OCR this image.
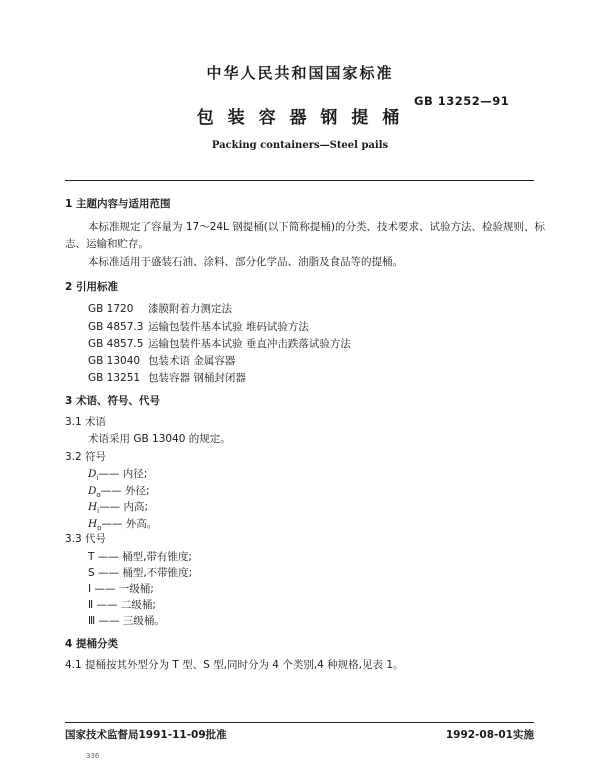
中华人民共和国国家标准
GB 13252—91
包 装 容 器 钢 提 桶
Packing containers—Steel pails
1 主题内容与适用范围
本标准规定了容量为 17～24L 钢提桶(以下简称提桶)的分类、技术要求、试验方法、检验规则、标
志、运输和贮存。
本标准适用于盛装石油、涂料、部分化学品、油脂及食品等的提桶。
2 引用标准
GB 1720 漆膜附着力测定法
GB 4857.3 运输包装件基本试验 堆码试验方法
GB 4857.5 运输包装件基本试验 垂直冲击跌落试验方法
GB 13040 包装术语 金属容器
GB 13251 包装容器 钢桶封闭器
3 术语、符号、代号
3.1 术语
术语采用 GB 13040 的规定。
3.2 符号
$D_i——$ 内径;
$D_o——$ 外径;
$H_i——$ 内高;
$H_o——$ 外高。
3.3 代号
T —— 桶型,带有锥度;
S —— 桶型,不带锥度;
Ⅰ —— 一级桶;
Ⅱ —— 二级桶;
Ⅲ —— 三级桶。
4 提桶分类
4.1 提桶按其外型分为 T 型、S 型,同时分为 4 个类别,4 种规格,见表 1。
国家技术监督局1991-11-09批准	1992-08-01实施
336
